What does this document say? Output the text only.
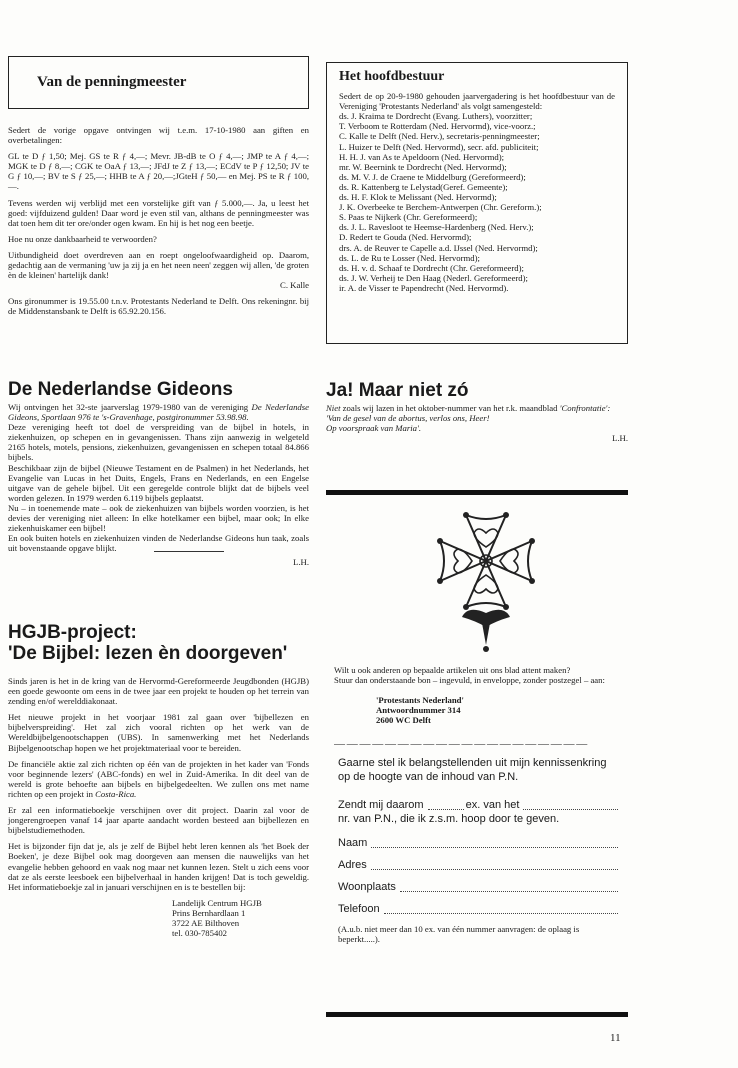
Van de penningmeester

Sedert de vorige opgave ontvingen wij t.e.m. 17-10-1980 aan giften en overbetalingen:

GL te D ƒ 1,50; Mej. GS te R ƒ 4,—; Mevr. JB-dB te O ƒ 4,—; JMP te A ƒ 4,—; MGK te D ƒ 8,—; CGK te OaA ƒ 13,—; JFdJ te Z ƒ 13,—; ECdV te P ƒ 12,50; JV te G ƒ 10,—; BV te S ƒ 25,—; HHB te A ƒ 20,—;JGteH ƒ 50,— en Mej. PS te R ƒ 100,—.

Tevens werden wij verblijd met een vorstelijke gift van ƒ 5.000,—. Ja, u leest het goed: vijfduizend gulden! Daar word je even stil van, althans de penningmeester was dat toen hem dit ter ore/onder ogen kwam. En hij is het nog een beetje.

Hoe nu onze dankbaarheid te verwoorden?

Uitbundigheid doet overdreven aan en roept ongeloofwaardigheid op. Daarom, gedachtig aan de vermaning 'uw ja zij ja en het neen neen' zeggen wij allen, 'de groten èn de kleinen' hartelijk dank!

C. Kalle

Ons gironummer is 19.55.00 t.n.v. Protestants Nederland te Delft. Ons rekeningnr. bij de Middenstansbank te Delft is 65.92.20.156.

Het hoofdbestuur

Sedert de op 20-9-1980 gehouden jaarvergadering is het hoofdbestuur van de Vereniging 'Protestants Nederland' als volgt samengesteld:

ds. J. Kraima te Dordrecht (Evang. Luthers), voorzitter;
T. Verboom te Rotterdam (Ned. Hervormd), vice-voorz.;
C. Kalle te Delft (Ned. Herv.), secretaris-penningmeester;
L. Huizer te Delft (Ned. Hervormd), secr. afd. publiciteit;
H. H. J. van As te Apeldoorn (Ned. Hervormd);
mr. W. Beernink te Dordrecht (Ned. Hervormd);
ds. M. V. J. de Craene te Middelburg (Gereformeerd);
ds. R. Kattenberg te Lelystad(Geref. Gemeente);
ds. H. F. Klok te Melissant (Ned. Hervormd);
J. K. Overbeeke te Berchem-Antwerpen (Chr. Gereform.);
S. Paas te Nijkerk (Chr. Gereformeerd);
ds. J. L. Ravesloot te Heemse-Hardenberg (Ned. Herv.);
D. Redert te Gouda (Ned. Hervormd);
drs. A. de Reuver te Capelle a.d. IJssel (Ned. Hervormd);
ds. L. de Ru te Losser (Ned. Hervormd);
ds. H. v. d. Schaaf te Dordrecht (Chr. Gereformeerd);
ds. J. W. Verheij te Den Haag (Nederl. Gereformeerd);
ir. A. de Visser te Papendrecht (Ned. Hervormd).
De Nederlandse Gideons

Wij ontvingen het 32-ste jaarverslag 1979-1980 van de vereniging De Nederlandse Gideons, Sportlaan 976 te 's-Gravenhage, postgironummer 53.98.98.

Deze vereniging heeft tot doel de verspreiding van de bijbel in hotels, in ziekenhuizen, op schepen en in gevangenissen. Thans zijn aanwezig in welgeteld 2165 hotels, motels, pensions, ziekenhuizen, gevangenissen en schepen totaal 84.866 bijbels.

Beschikbaar zijn de bijbel (Nieuwe Testament en de Psalmen) in het Nederlands, het Evangelie van Lucas in het Duits, Engels, Frans en Nederlands, en een Engelse uitgave van de gehele bijbel. Uit een geregelde controle blijkt dat de bijbels veel worden gelezen. In 1979 werden 6.119 bijbels geplaatst.

Nu – in toenemende mate – ook de ziekenhuizen van bijbels worden voorzien, is het devies der vereniging niet alleen: In elke hotelkamer een bijbel, maar ook; In elke ziekenhuiskamer een bijbel!

En ook buiten hotels en ziekenhuizen vinden de Nederlandse Gideons hun taak, zoals uit bovenstaande opgave blijkt.

L.H.

HGJB-project:
'De Bijbel: lezen èn doorgeven'

Sinds jaren is het in de kring van de Hervormd-Gereformeerde Jeugdbonden (HGJB) een goede gewoonte om eens in de twee jaar een projekt te houden op het terrein van zending en/of werelddiakonaat.

Het nieuwe projekt in het voorjaar 1981 zal gaan over 'bijbellezen en bijbelverspreiding'. Het zal zich vooral richten op het werk van de Wereldbijbelgenootschappen (UBS). In samenwerking met het Nederlands Bijbelgenootschap hopen we het projektmateriaal voor te bereiden.

De financiële aktie zal zich richten op één van de projekten in het kader van 'Fonds voor beginnende lezers' (ABC-fonds) en wel in Zuid-Amerika. In dit deel van de wereld is grote behoefte aan bijbels en bijbelgedeelten. We zullen ons met name richten op een projekt in Costa-Rica.

Er zal een informatieboekje verschijnen over dit project. Daarin zal voor de jongerengroepen vanaf 14 jaar aparte aandacht worden besteed aan bijbellezen en bijbelstudiemethoden.

Het is bijzonder fijn dat je, als je zelf de Bijbel hebt leren kennen als 'het Boek der Boeken', je deze Bijbel ook mag doorgeven aan mensen die nauwelijks van het evangelie hebben gehoord en vaak nog maar net kunnen lezen. Stelt u zich eens voor dat ze als eerste leesboek een bijbelverhaal in handen krijgen! Dat is toch geweldig. Het informatieboekje zal in januari verschijnen en is te bestellen bij:

Landelijk Centrum HGJB
Prins Bernhardlaan 1
3722 AE Bilthoven
tel. 030-785402
Ja! Maar niet zó

Niet zoals wij lazen in het oktober-nummer van het r.k. maandblad 'Confrontatie':

'Van de gesel van de abortus, verlos ons, Heer!
Op voorspraak van Maria'.

L.H.

Wilt u ook anderen op bepaalde artikelen uit ons blad attent maken?

Stuur dan onderstaande bon – ingevuld, in enveloppe, zonder postzegel – aan:

'Protestants Nederland'
Antwoordnummer 314
2600 WC Delft
— — — — — — — — — — — — — — — — — — — —

Gaarne stel ik belangstellenden uit mijn kennissenkring op de hoogte van de inhoud van P.N.

Zendt mij daarom	ex. van het

nr. van P.N., die ik z.s.m. hoop door te geven.

Naam
Adres
Woonplaats
Telefoon

(A.u.b. niet meer dan 10 ex. van één nummer aanvragen: de oplaag is beperkt.....).

11
